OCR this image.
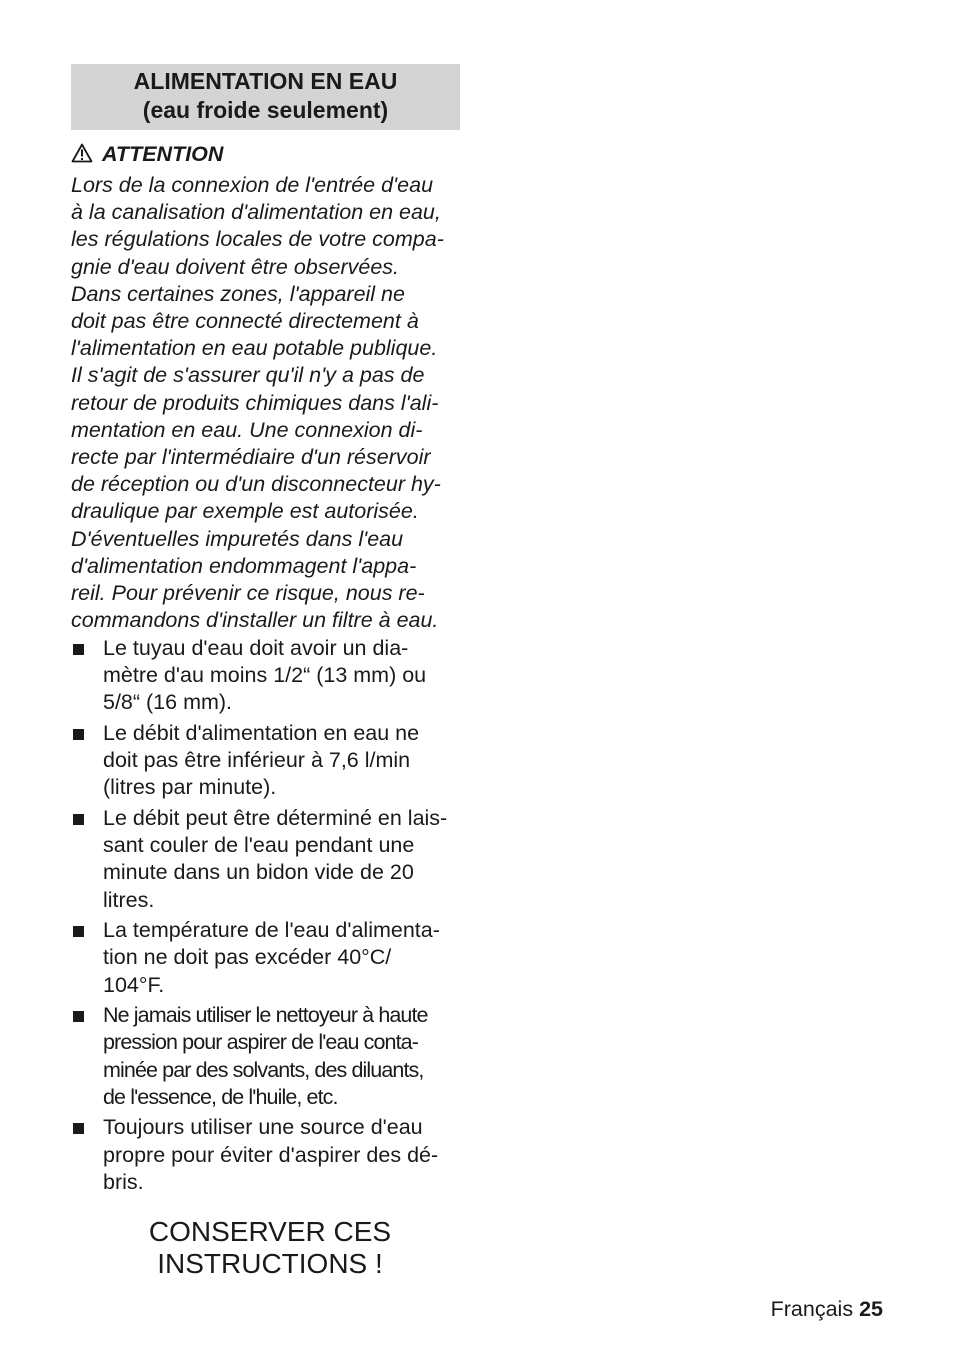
ALIMENTATION EN EAU
(eau froide seulement)
ATTENTION
Lors de la connexion de l'entrée d'eau
à la canalisation d'alimentation en eau,
les régulations locales de votre compa-
gnie d'eau doivent être observées.
Dans certaines zones, l'appareil ne
doit pas être connecté directement à
l'alimentation en eau potable publique.
Il s'agit de s'assurer qu'il n'y a pas de
retour de produits chimiques dans l'ali-
mentation en eau. Une connexion di-
recte par l'intermédiaire d'un réservoir
de réception ou d'un disconnecteur hy-
draulique par exemple est autorisée.
D'éventuelles impuretés dans l'eau
d'alimentation endommagent l'appa-
reil. Pour prévenir ce risque, nous re-
commandons d'installer un filtre à eau.
Le tuyau d'eau doit avoir un dia-
mètre d'au moins 1/2“ (13 mm) ou
5/8“ (16 mm).
Le débit d'alimentation en eau ne
doit pas être inférieur à 7,6 l/min
(litres par minute).
Le débit peut être déterminé en lais-
sant couler de l'eau pendant une
minute dans un bidon vide de 20
litres.
La température de l'eau d'alimenta-
tion ne doit pas excéder 40°C/
104°F.
Ne jamais utiliser le nettoyeur à haute
pression pour aspirer de l'eau conta-
minée par des solvants, des diluants,
de l'essence, de l'huile, etc.
Toujours utiliser une source d'eau
propre pour éviter d'aspirer des dé-
bris.
CONSERVER CES
INSTRUCTIONS !
Français 25
